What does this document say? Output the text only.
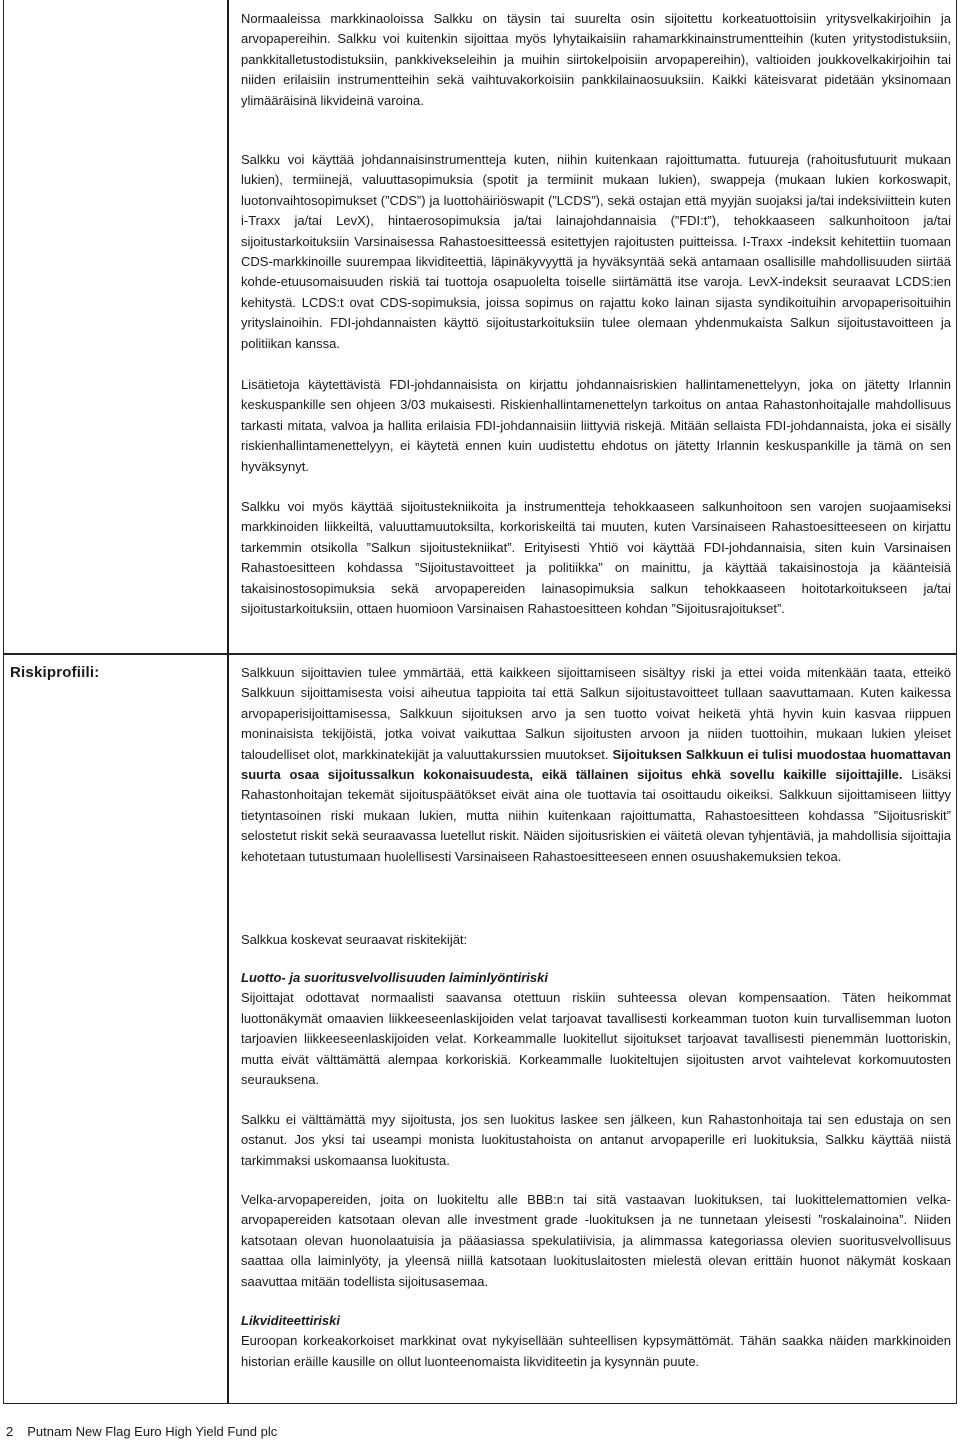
Riskiprofiili:

Normaaleissa markkinaoloissa Salkku on täysin tai suurelta osin sijoitettu korkeatuottoisiin yritysvelkakirjoihin ja arvopapereihin. Salkku voi kuitenkin sijoittaa myös lyhytaikaisiin rahamarkkinainstrumentteihin (kuten yritystodistuksiin, pankkitalletustodistuksiin, pankkivekseleihin ja muihin siirtokelpoisiin arvopapereihin), valtioiden joukkovelkakirjoihin tai niiden erilaisiin instrumentteihin sekä vaihtuvakorkoisiin pankkilainaosuuksiin. Kaikki käteisvarat pidetään yksinomaan ylimääräisinä likvideinä varoina.

Salkku voi käyttää johdannaisinstrumentteja kuten, niihin kuitenkaan rajoittumatta. futuureja (rahoitusfutuurit mukaan lukien), termiinejä, valuuttasopimuksia (spotit ja termiinit mukaan lukien), swappeja (mukaan lukien korkoswapit, luotonvaihtosopimukset (”CDS”) ja luottohäiriöswapit (”LCDS”), sekä ostajan että myyjän suojaksi ja/tai indeksiviittein kuten i-Traxx ja/tai LevX), hintaerosopimuksia ja/tai lainajohdannaisia (”FDI:t”), tehokkaaseen salkunhoitoon ja/tai sijoitustarkoituksiin Varsinaisessa Rahastoesitteessä esitettyjen rajoitusten puitteissa. I-Traxx -indeksit kehitettiin tuomaan CDS-markkinoille suurempaa likviditeettiä, läpinäkyvyyttä ja hyväksyntää sekä antamaan osallisille mahdollisuuden siirtää kohde-etuusomaisuuden riskiä tai tuottoja osapuolelta toiselle siirtämättä itse varoja. LevX-indeksit seuraavat LCDS:ien kehitystä. LCDS:t ovat CDS-sopimuksia, joissa sopimus on rajattu koko lainan sijasta syndikoituihin arvopaperisoituihin yrityslainoihin. FDI-johdannaisten käyttö sijoitustarkoituksiin tulee olemaan yhdenmukaista Salkun sijoitustavoitteen ja politiikan kanssa.

Lisätietoja käytettävistä FDI-johdannaisista on kirjattu johdannaisriskien hallintamenettelyyn, joka on jätetty Irlannin keskuspankille sen ohjeen 3/03 mukaisesti. Riskienhallintamenettelyn tarkoitus on antaa Rahastonhoitajalle mahdollisuus tarkasti mitata, valvoa ja hallita erilaisia FDI-johdannaisiin liittyviä riskejä. Mitään sellaista FDI-johdannaista, joka ei sisälly riskienhallintamenettelyyn, ei käytetä ennen kuin uudistettu ehdotus on jätetty Irlannin keskuspankille ja tämä on sen hyväksynyt.

Salkku voi myös käyttää sijoitustekniikoita ja instrumentteja tehokkaaseen salkunhoitoon sen varojen suojaamiseksi markkinoiden liikkeiltä, valuuttamuutoksilta, korkoriskeiltä tai muuten, kuten Varsinaiseen Rahastoesitteeseen on kirjattu tarkemmin otsikolla ”Salkun sijoitustekniikat”. Erityisesti Yhtiö voi käyttää FDI-johdannaisia, siten kuin Varsinaisen Rahastoesitteen kohdassa ”Sijoitustavoitteet ja politiikka” on mainittu, ja käyttää takaisinostoja ja käänteisiä takaisinostosopimuksia sekä arvopapereiden lainasopimuksia salkun tehokkaaseen hoitotarkoitukseen ja/tai sijoitustarkoituksiin, ottaen huomioon Varsinaisen Rahastoesitteen kohdan ”Sijoitusrajoitukset”.

Salkkuun sijoittavien tulee ymmärtää, että kaikkeen sijoittamiseen sisältyy riski ja ettei voida mitenkään taata, etteikö Salkkuun sijoittamisesta voisi aiheutua tappioita tai että Salkun sijoitustavoitteet tullaan saavuttamaan. Kuten kaikessa arvopaperisijoittamisessa, Salkkuun sijoituksen arvo ja sen tuotto voivat heiketä yhtä hyvin kuin kasvaa riippuen moninaisista tekijöistä, jotka voivat vaikuttaa Salkun sijoitusten arvoon ja niiden tuottoihin, mukaan lukien yleiset taloudelliset olot, markkinatekijät ja valuuttakurssien muutokset. Sijoituksen Salkkuun ei tulisi muodostaa huomattavan suurta osaa sijoitussalkun kokonaisuudesta, eikä tällainen sijoitus ehkä sovellu kaikille sijoittajille. Lisäksi Rahastonhoitajan tekemät sijoituspäätökset eivät aina ole tuottavia tai osoittaudu oikeiksi. Salkkuun sijoittamiseen liittyy tietyntasoinen riski mukaan lukien, mutta niihin kuitenkaan rajoittumatta, Rahastoesitteen kohdassa ”Sijoitusriskit” selostetut riskit sekä seuraavassa luetellut riskit. Näiden sijoitusriskien ei väitetä olevan tyhjentäviä, ja mahdollisia sijoittajia kehotetaan tutustumaan huolellisesti Varsinaiseen Rahastoesitteeseen ennen osuushakemuksien tekoa.

Salkkua koskevat seuraavat riskitekijät:

Luotto- ja suoritusvelvollisuuden laiminlyöntiriski

Sijoittajat odottavat normaalisti saavansa otettuun riskiin suhteessa olevan kompensaation. Täten heikommat luottonäkymät omaavien liikkeeseenlaskijoiden velat tarjoavat tavallisesti korkeamman tuoton kuin turvallisemman luoton tarjoavien liikkeeseenlaskijoiden velat. Korkeammalle luokitellut sijoitukset tarjoavat tavallisesti pienemmän luottoriskin, mutta eivät välttämättä alempaa korkoriskiä. Korkeammalle luokiteltujen sijoitusten arvot vaihtelevat korkomuutosten seurauksena.

Salkku ei välttämättä myy sijoitusta, jos sen luokitus laskee sen jälkeen, kun Rahastonhoitaja tai sen edustaja on sen ostanut. Jos yksi tai useampi monista luokitustahoista on antanut arvopaperille eri luokituksia, Salkku käyttää niistä tarkimmaksi uskomaansa luokitusta.

Velka-arvopapereiden, joita on luokiteltu alle BBB:n tai sitä vastaavan luokituksen, tai luokittelemattomien velka-arvopapereiden katsotaan olevan alle investment grade -luokituksen ja ne tunnetaan yleisesti ”roskalainoina”. Niiden katsotaan olevan huonolaatuisia ja pääasiassa spekulatiivisia, ja alimmassa kategoriassa olevien suoritusvelvollisuus saattaa olla laiminlyöty, ja yleensä niillä katsotaan luokituslaitosten mielestä olevan erittäin huonot näkymät koskaan saavuttaa mitään todellista sijoitusasemaa.

Likviditeettiriski

Euroopan korkeakorkoiset markkinat ovat nykyisellään suhteellisen kypsymättömät. Tähän saakka näiden markkinoiden historian eräille kausille on ollut luonteenomaista likviditeetin ja kysynnän puute.

2 Putnam New Flag Euro High Yield Fund plc
